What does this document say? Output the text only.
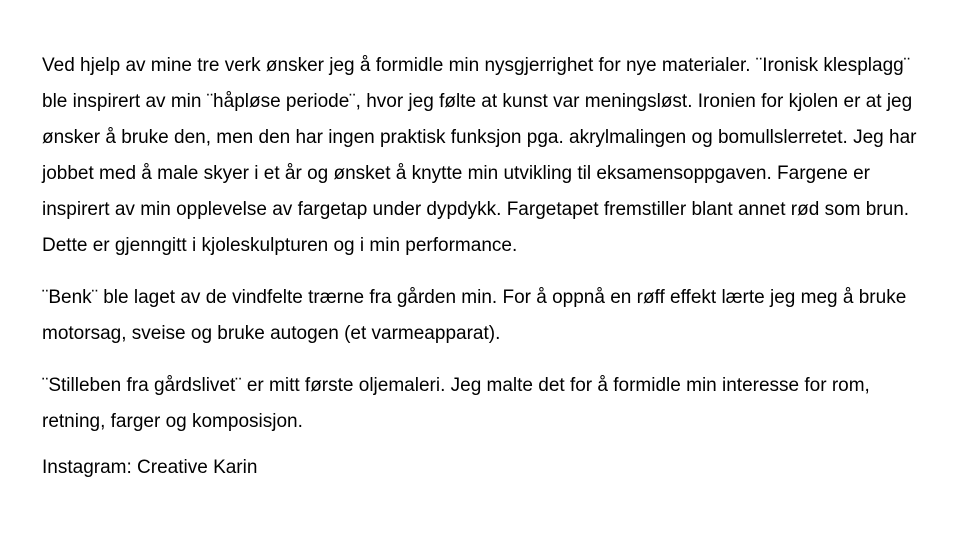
Ved hjelp av mine tre verk ønsker jeg å formidle min nysgjerrighet for nye materialer. ¨Ironisk klesplagg¨ ble inspirert av min ¨håpløse periode¨, hvor jeg følte at kunst var meningsløst. Ironien for kjolen er at jeg ønsker å bruke den, men den har ingen praktisk funksjon pga. akrylmalingen og bomullslerretet. Jeg har jobbet med å male skyer i et år og ønsket å knytte min utvikling til eksamensoppgaven. Fargene er inspirert av min opplevelse av fargetap under dypdykk. Fargetapet fremstiller blant annet rød som brun. Dette er gjenngitt i kjoleskulpturen og i min performance.

¨Benk¨ ble laget av de vindfelte trærne fra gården min. For å oppnå en røff effekt lærte jeg meg å bruke motorsag, sveise og bruke autogen (et varmeapparat).

¨Stilleben fra gårdslivet¨ er mitt første oljemaleri. Jeg malte det for å formidle min interesse for rom, retning, farger og komposisjon.

Instagram: Creative Karin
